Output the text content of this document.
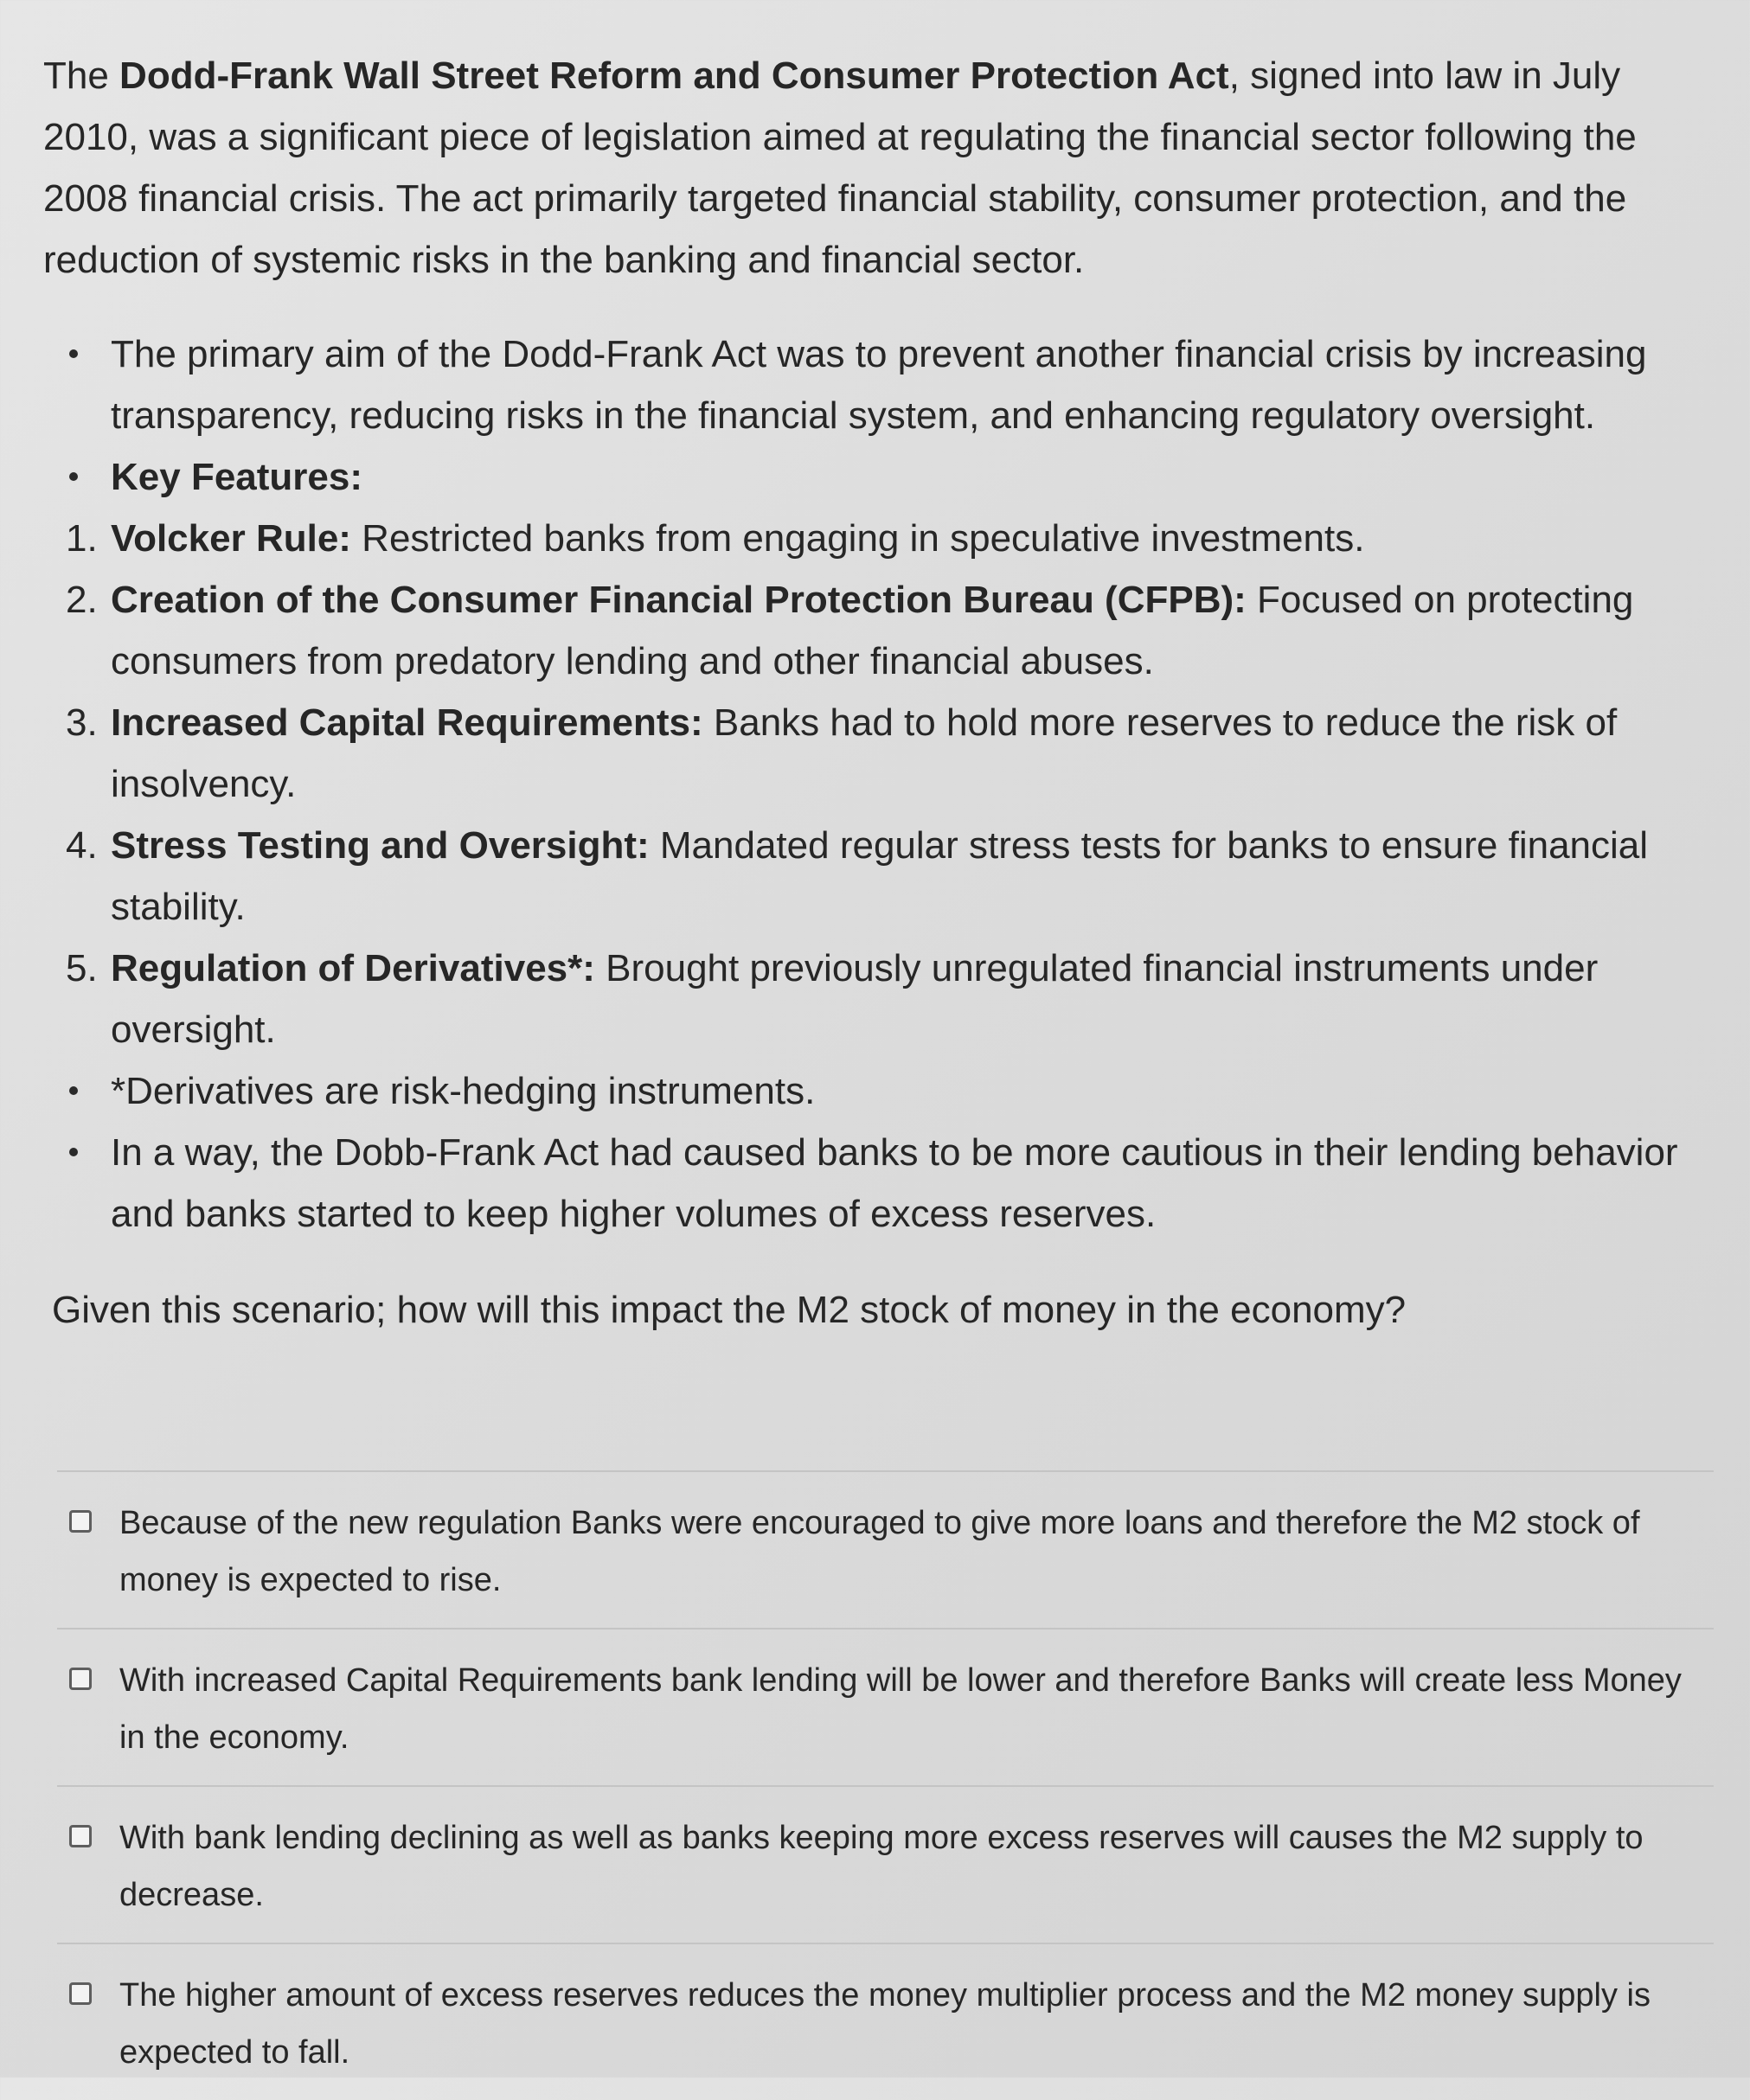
The Dodd-Frank Wall Street Reform and Consumer Protection Act, signed into law in July 2010, was a significant piece of legislation aimed at regulating the financial sector following the 2008 financial crisis. The act primarily targeted financial stability, consumer protection, and the reduction of systemic risks in the banking and financial sector.

The primary aim of the Dodd-Frank Act was to prevent another financial crisis by increasing transparency, reducing risks in the financial system, and enhancing regulatory oversight.
Key Features:
1. Volcker Rule: Restricted banks from engaging in speculative investments.
2. Creation of the Consumer Financial Protection Bureau (CFPB): Focused on protecting consumers from predatory lending and other financial abuses.
3. Increased Capital Requirements: Banks had to hold more reserves to reduce the risk of insolvency.
4. Stress Testing and Oversight: Mandated regular stress tests for banks to ensure financial stability.
5. Regulation of Derivatives*: Brought previously unregulated financial instruments under oversight.
*Derivatives are risk-hedging instruments.
In a way, the Dobb-Frank Act had caused banks to be more cautious in their lending behavior and banks started to keep higher volumes of excess reserves.

Given this scenario; how will this impact the M2 stock of money in the economy?

Because of the new regulation Banks were encouraged to give more loans and therefore the M2 stock of money is expected to rise.
With increased Capital Requirements bank lending will be lower and therefore Banks will create less Money in the economy.
With bank lending declining as well as banks keeping more excess reserves will causes the M2 supply to decrease.
The higher amount of excess reserves reduces the money multiplier process and the M2 money supply is expected to fall.
